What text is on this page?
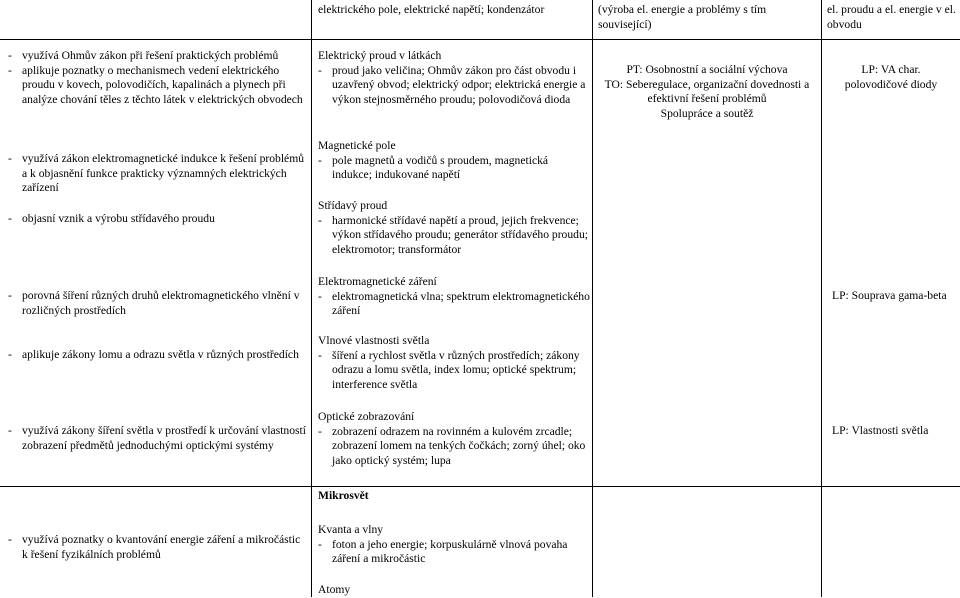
elektrického pole, elektrické napětí; kondenzátor	(výroba el. energie a problémy s tím související)
el. proudu a el. energie v el. obvodu
- využívá Ohmův zákon při řešení praktických problémů
- aplikuje poznatky o mechanismech vedení elektrického proudu v kovech, polovodičích, kapalinách a plynech při analýze chování těles z těchto látek v elektrických obvodech
- využívá zákon elektromagnetické indukce k řešení problémů a k objasnění funkce prakticky významných elektrických zařízení
- objasní vznik a výrobu střídavého proudu
Elektrický proud v látkách
- proud jako veličina; Ohmův zákon pro část obvodu i uzavřený obvod; elektrický odpor; elektrická energie a výkon stejnosměrného proudu; polovodičová dioda
Magnetické pole
- pole magnetů a vodičů s proudem, magnetická indukce; indukované napětí
Střídavý proud
- harmonické střídavé napětí a proud, jejich frekvence; výkon střídavého proudu; generátor střídavého proudu; elektromotor; transformátor
PT: Osobnostní a sociální výchova
TO: Seberegulace, organizační dovednosti a efektivní řešení problémů
Spolupráce a soutěž
LP: VA char.
polovodičové diody
- porovná šíření různých druhů elektromagnetického vlnění v rozličných prostředích
- aplikuje zákony lomu a odrazu světla v různých prostředích
- využívá zákony šíření světla v prostředí k určování vlastností zobrazení předmětů jednoduchými optickými systémy
Elektromagnetické záření
- elektromagnetická vlna; spektrum elektromagnetického záření
Vlnové vlastnosti světla
- šíření a rychlost světla v různých prostředích; zákony odrazu a lomu světla, index lomu; optické spektrum; interference světla
Optické zobrazování
- zobrazení odrazem na rovinném a kulovém zrcadle; zobrazení lomem na tenkých čočkách; zorný úhel; oko jako optický systém; lupa
LP: Souprava gama-beta
LP: Vlastnosti světla
- využívá poznatky o kvantování energie záření a mikročástic k řešení fyzikálních problémů
Mikrosvět
Kvanta a vlny
- foton a jeho energie; korpuskulárně vlnová povaha záření a mikročástic
Atomy
